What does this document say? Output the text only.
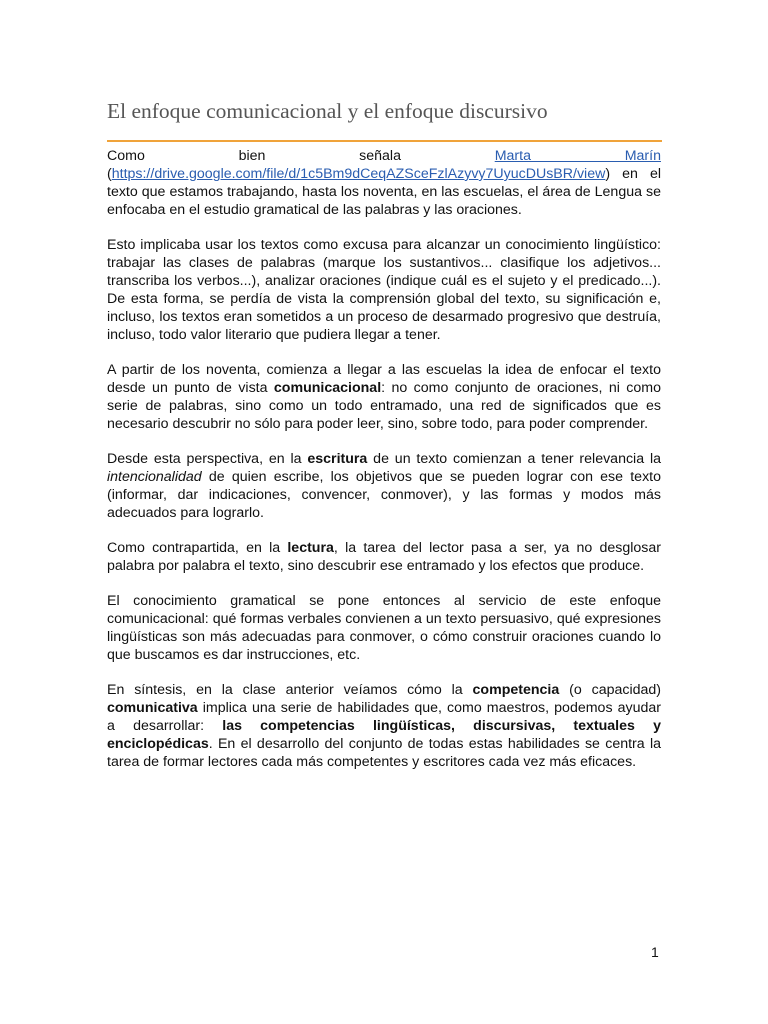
El enfoque comunicacional y el enfoque discursivo

Como bien señala Marta Marín (https://drive.google.com/file/d/1c5Bm9dCeqAZSceFzlAzyvy7UyucDUsBR/view) en el texto que estamos trabajando, hasta los noventa, en las escuelas, el área de Lengua se enfocaba en el estudio gramatical de las palabras y las oraciones.

Esto implicaba usar los textos como excusa para alcanzar un conocimiento lingüístico: trabajar las clases de palabras (marque los sustantivos... clasifique los adjetivos... transcriba los verbos...), analizar oraciones (indique cuál es el sujeto y el predicado...). De esta forma, se perdía de vista la comprensión global del texto, su significación e, incluso, los textos eran sometidos a un proceso de desarmado progresivo que destruía, incluso, todo valor literario que pudiera llegar a tener.

A partir de los noventa, comienza a llegar a las escuelas la idea de enfocar el texto desde un punto de vista comunicacional: no como conjunto de oraciones, ni como serie de palabras, sino como un todo entramado, una red de significados que es necesario descubrir no sólo para poder leer, sino, sobre todo, para poder comprender.

Desde esta perspectiva, en la escritura de un texto comienzan a tener relevancia la intencionalidad de quien escribe, los objetivos que se pueden lograr con ese texto (informar, dar indicaciones, convencer, conmover), y las formas y modos más adecuados para lograrlo.

Como contrapartida, en la lectura, la tarea del lector pasa a ser, ya no desglosar palabra por palabra el texto, sino descubrir ese entramado y los efectos que produce.

El conocimiento gramatical se pone entonces al servicio de este enfoque comunicacional: qué formas verbales convienen a un texto persuasivo, qué expresiones lingüísticas son más adecuadas para conmover, o cómo construir oraciones cuando lo que buscamos es dar instrucciones, etc.

En síntesis, en la clase anterior veíamos cómo la competencia (o capacidad) comunicativa implica una serie de habilidades que, como maestros, podemos ayudar a desarrollar: las competencias lingüísticas, discursivas, textuales y enciclopédicas. En el desarrollo del conjunto de todas estas habilidades se centra la tarea de formar lectores cada más competentes y escritores cada vez más eficaces.

1
